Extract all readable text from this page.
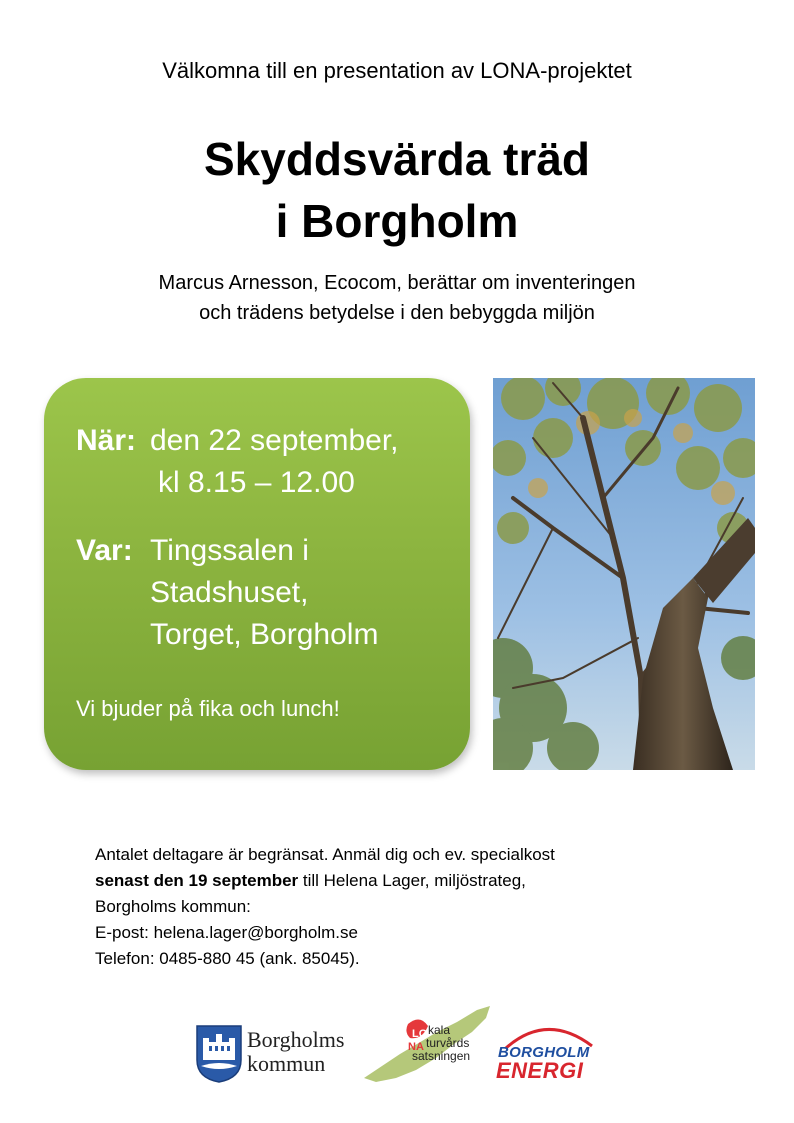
Välkomna till en presentation av LONA-projektet
Skyddsvärda träd
i Borgholm
Marcus Arnesson, Ecocom, berättar om inventeringen
och trädens betydelse i den bebyggda miljön
När: den 22 september,
kl 8.15 – 12.00
Var: Tingssalen i
Stadshuset,
Torget, Borgholm
Vi bjuder på fika och lunch!
Antalet deltagare är begränsat. Anmäl dig och ev. specialkost
senast den 19 september till Helena Lager, miljöstrateg,
Borgholms kommun:
E-post: helena.lager@borgholm.se
Telefon: 0485-880 45 (ank. 85045).
Borgholms
kommun
LO
NA
kala
turvårds
satsningen BORGHOLM
ENERGI
